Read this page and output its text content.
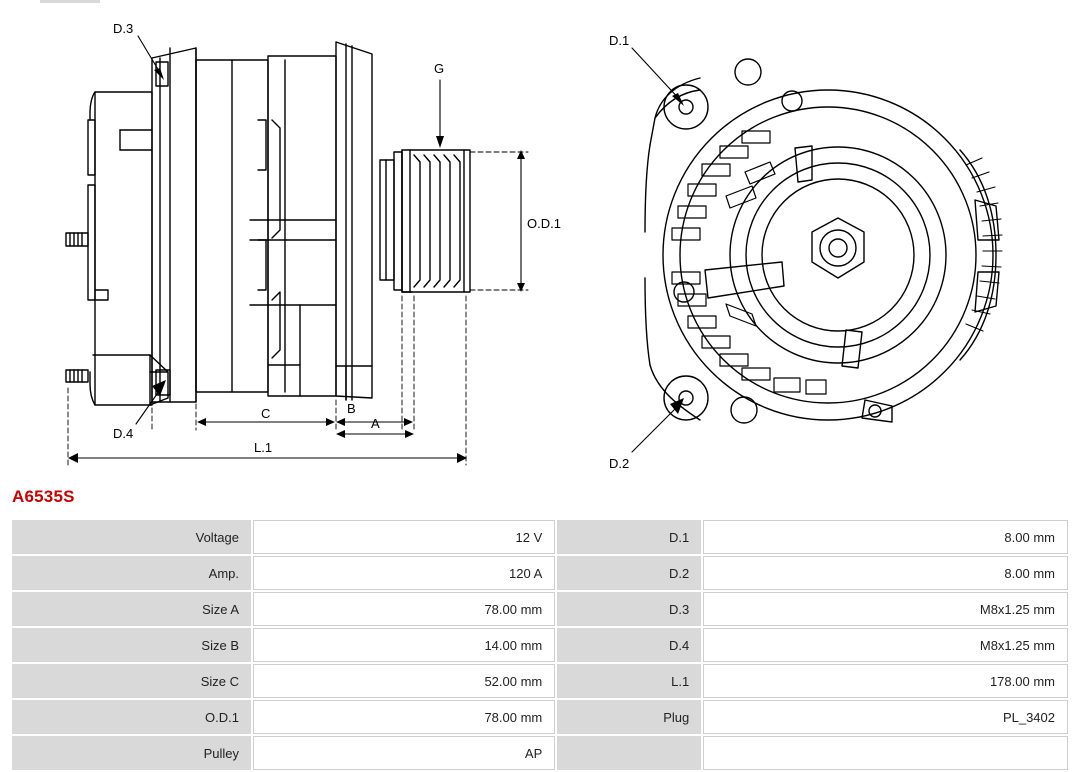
D.3
D.4
G
O.D.1
A
B
C
L.1
D.1
D.2
A6535S
Voltage	12 V	D.1	8.00 mm
Amp.	120 A	D.2	8.00 mm
Size A	78.00 mm	D.3	M8x1.25 mm
Size B	14.00 mm	D.4	M8x1.25 mm
Size C	52.00 mm	L.1	178.00 mm
O.D.1	78.00 mm	Plug	PL_3402
Pulley	AP		
